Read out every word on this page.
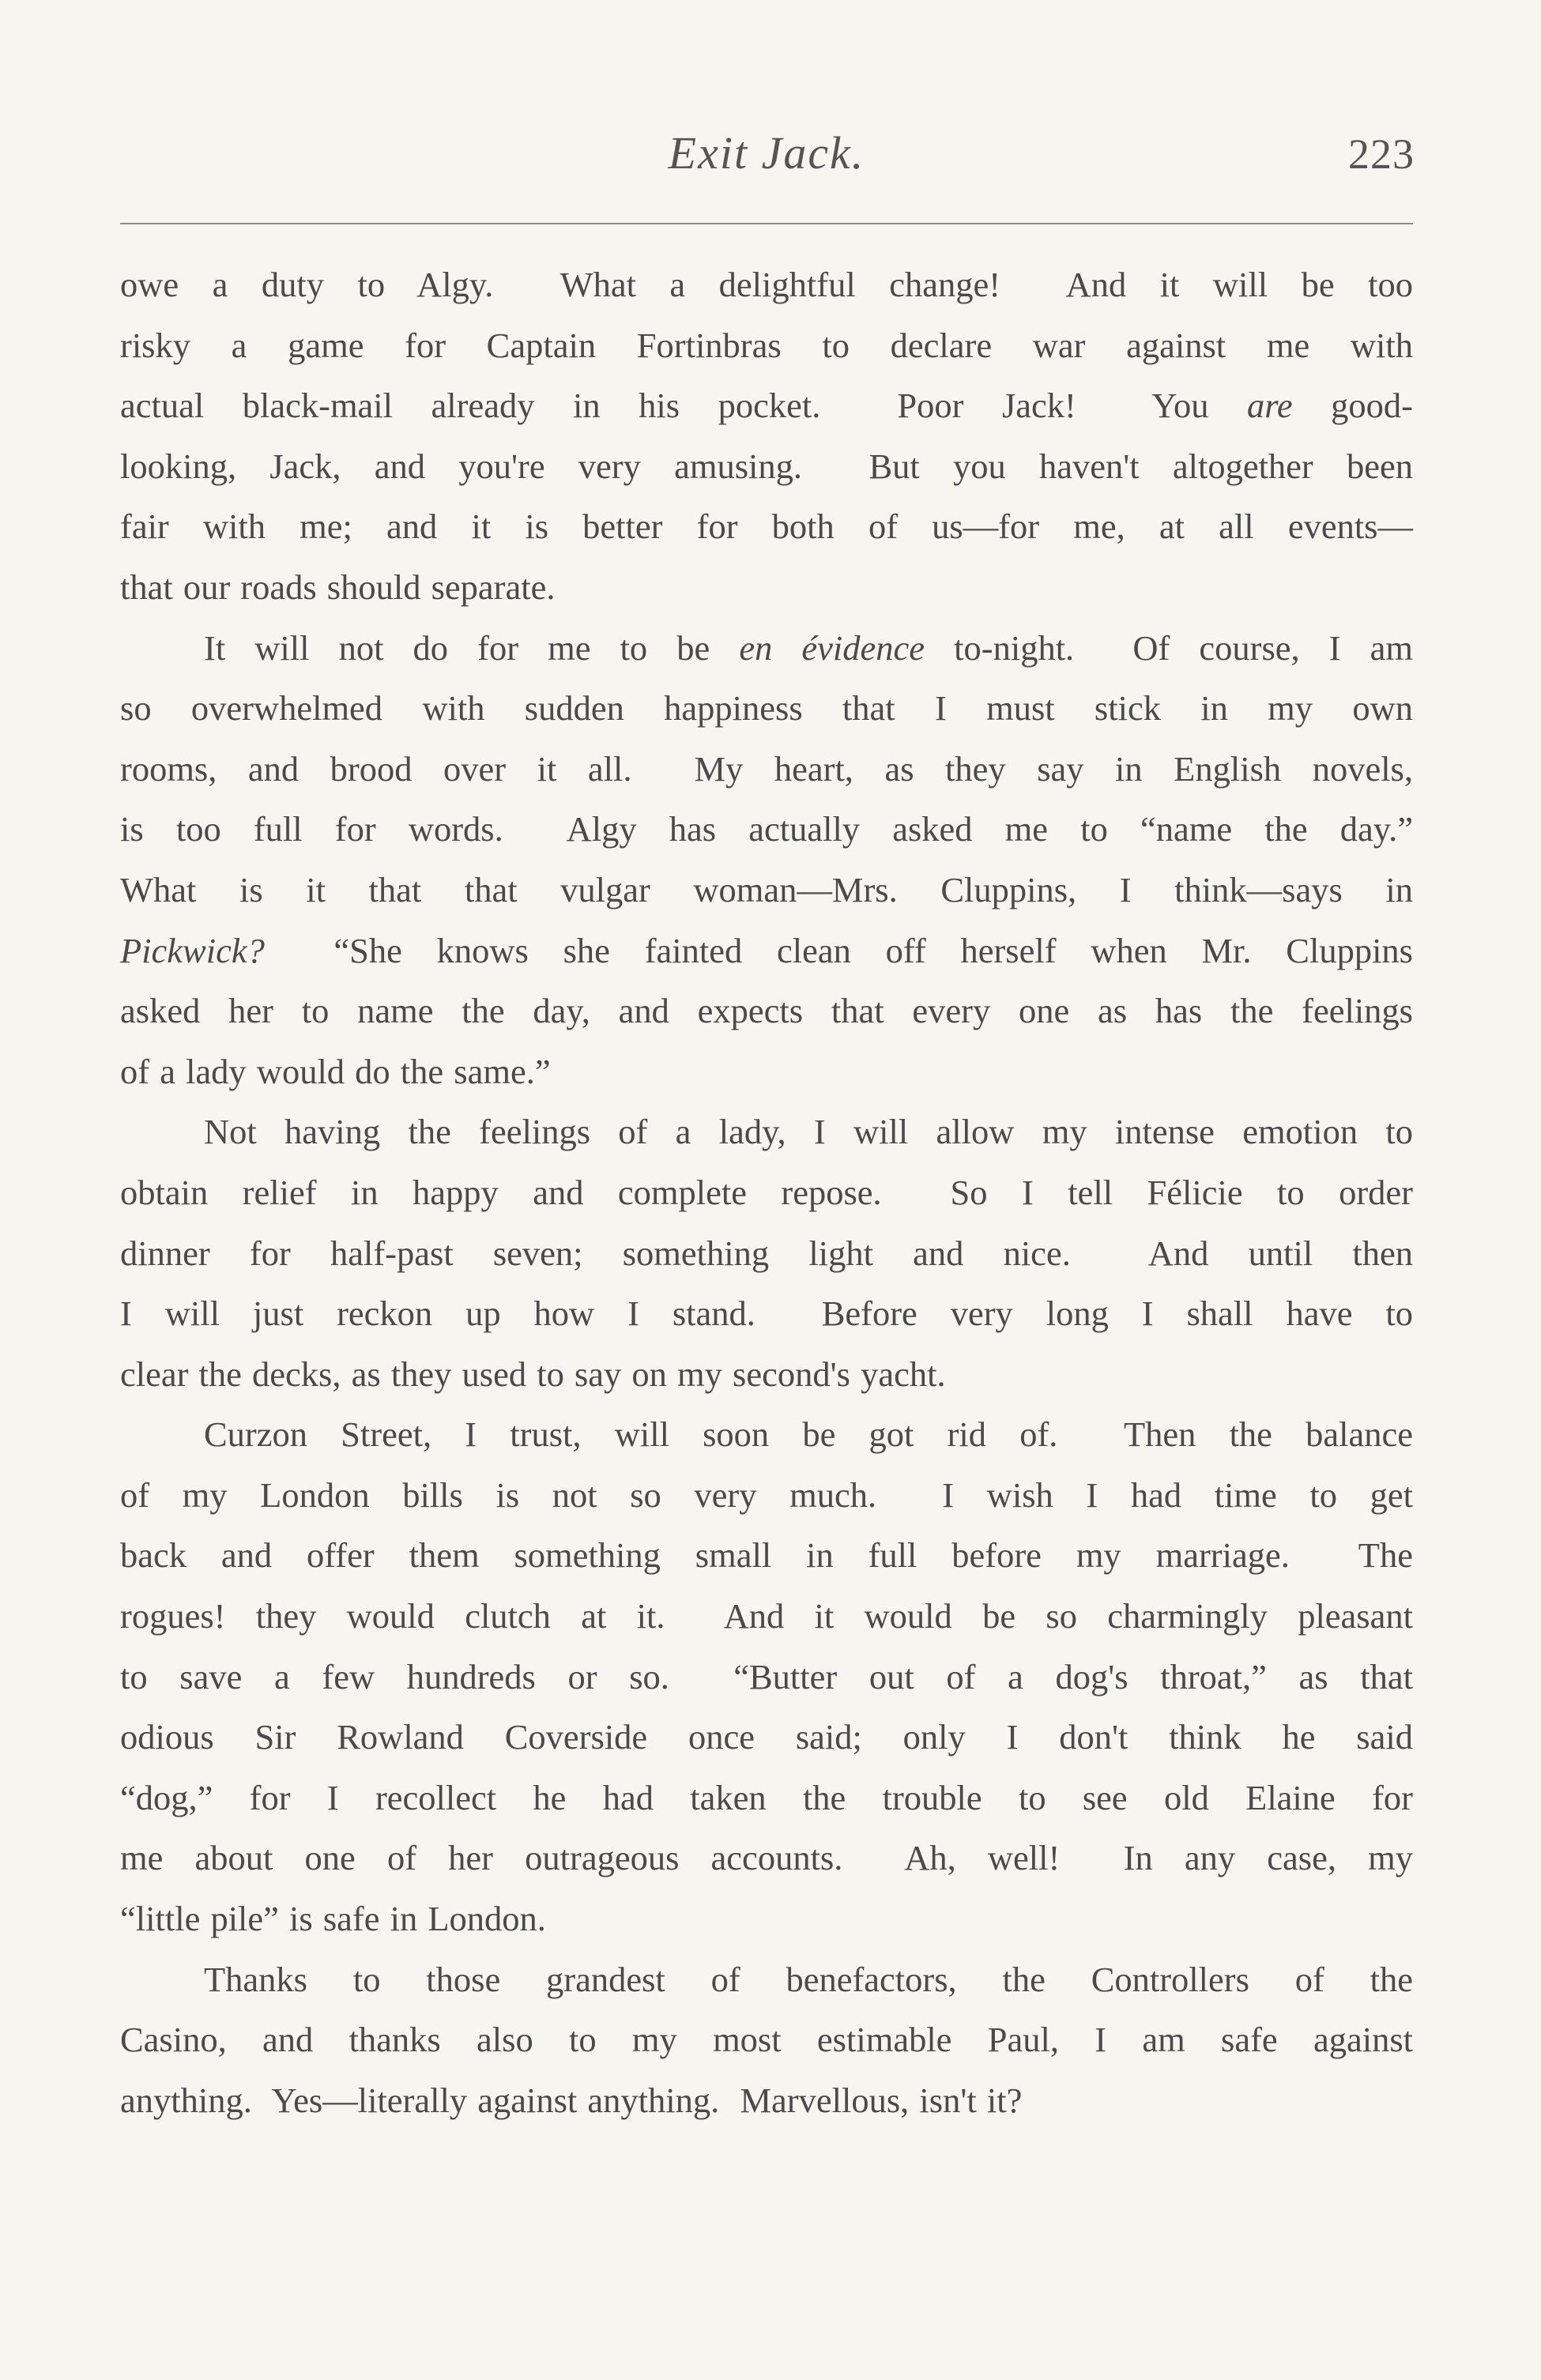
Exit Jack.	223
owe a duty to Algy.  What a delightful change!  And it will be too
risky a game for Captain Fortinbras to declare war against me with
actual black-mail already in his pocket.  Poor Jack!  You are good-
looking, Jack, and you're very amusing.  But you haven't altogether been
fair with me; and it is better for both of us—for me, at all events—
that our roads should separate.
It will not do for me to be en évidence to-night.  Of course, I am
so overwhelmed with sudden happiness that I must stick in my own
rooms, and brood over it all.  My heart, as they say in English novels,
is too full for words.  Algy has actually asked me to “name the day.”
What is it that that vulgar woman—Mrs. Cluppins, I think—says in
Pickwick?  “She knows she fainted clean off herself when Mr. Cluppins
asked her to name the day, and expects that every one as has the feelings
of a lady would do the same.”
Not having the feelings of a lady, I will allow my intense emotion to
obtain relief in happy and complete repose.  So I tell Félicie to order
dinner for half-past seven; something light and nice.  And until then
I will just reckon up how I stand.  Before very long I shall have to
clear the decks, as they used to say on my second's yacht.
Curzon Street, I trust, will soon be got rid of.  Then the balance
of my London bills is not so very much.  I wish I had time to get
back and offer them something small in full before my marriage.  The
rogues! they would clutch at it.  And it would be so charmingly pleasant
to save a few hundreds or so.  “Butter out of a dog's throat,” as that
odious Sir Rowland Coverside once said; only I don't think he said
“dog,” for I recollect he had taken the trouble to see old Elaine for
me about one of her outrageous accounts.  Ah, well!  In any case, my
“little pile” is safe in London.
Thanks to those grandest of benefactors, the Controllers of the
Casino, and thanks also to my most estimable Paul, I am safe against
anything.  Yes—literally against anything.  Marvellous, isn't it?
